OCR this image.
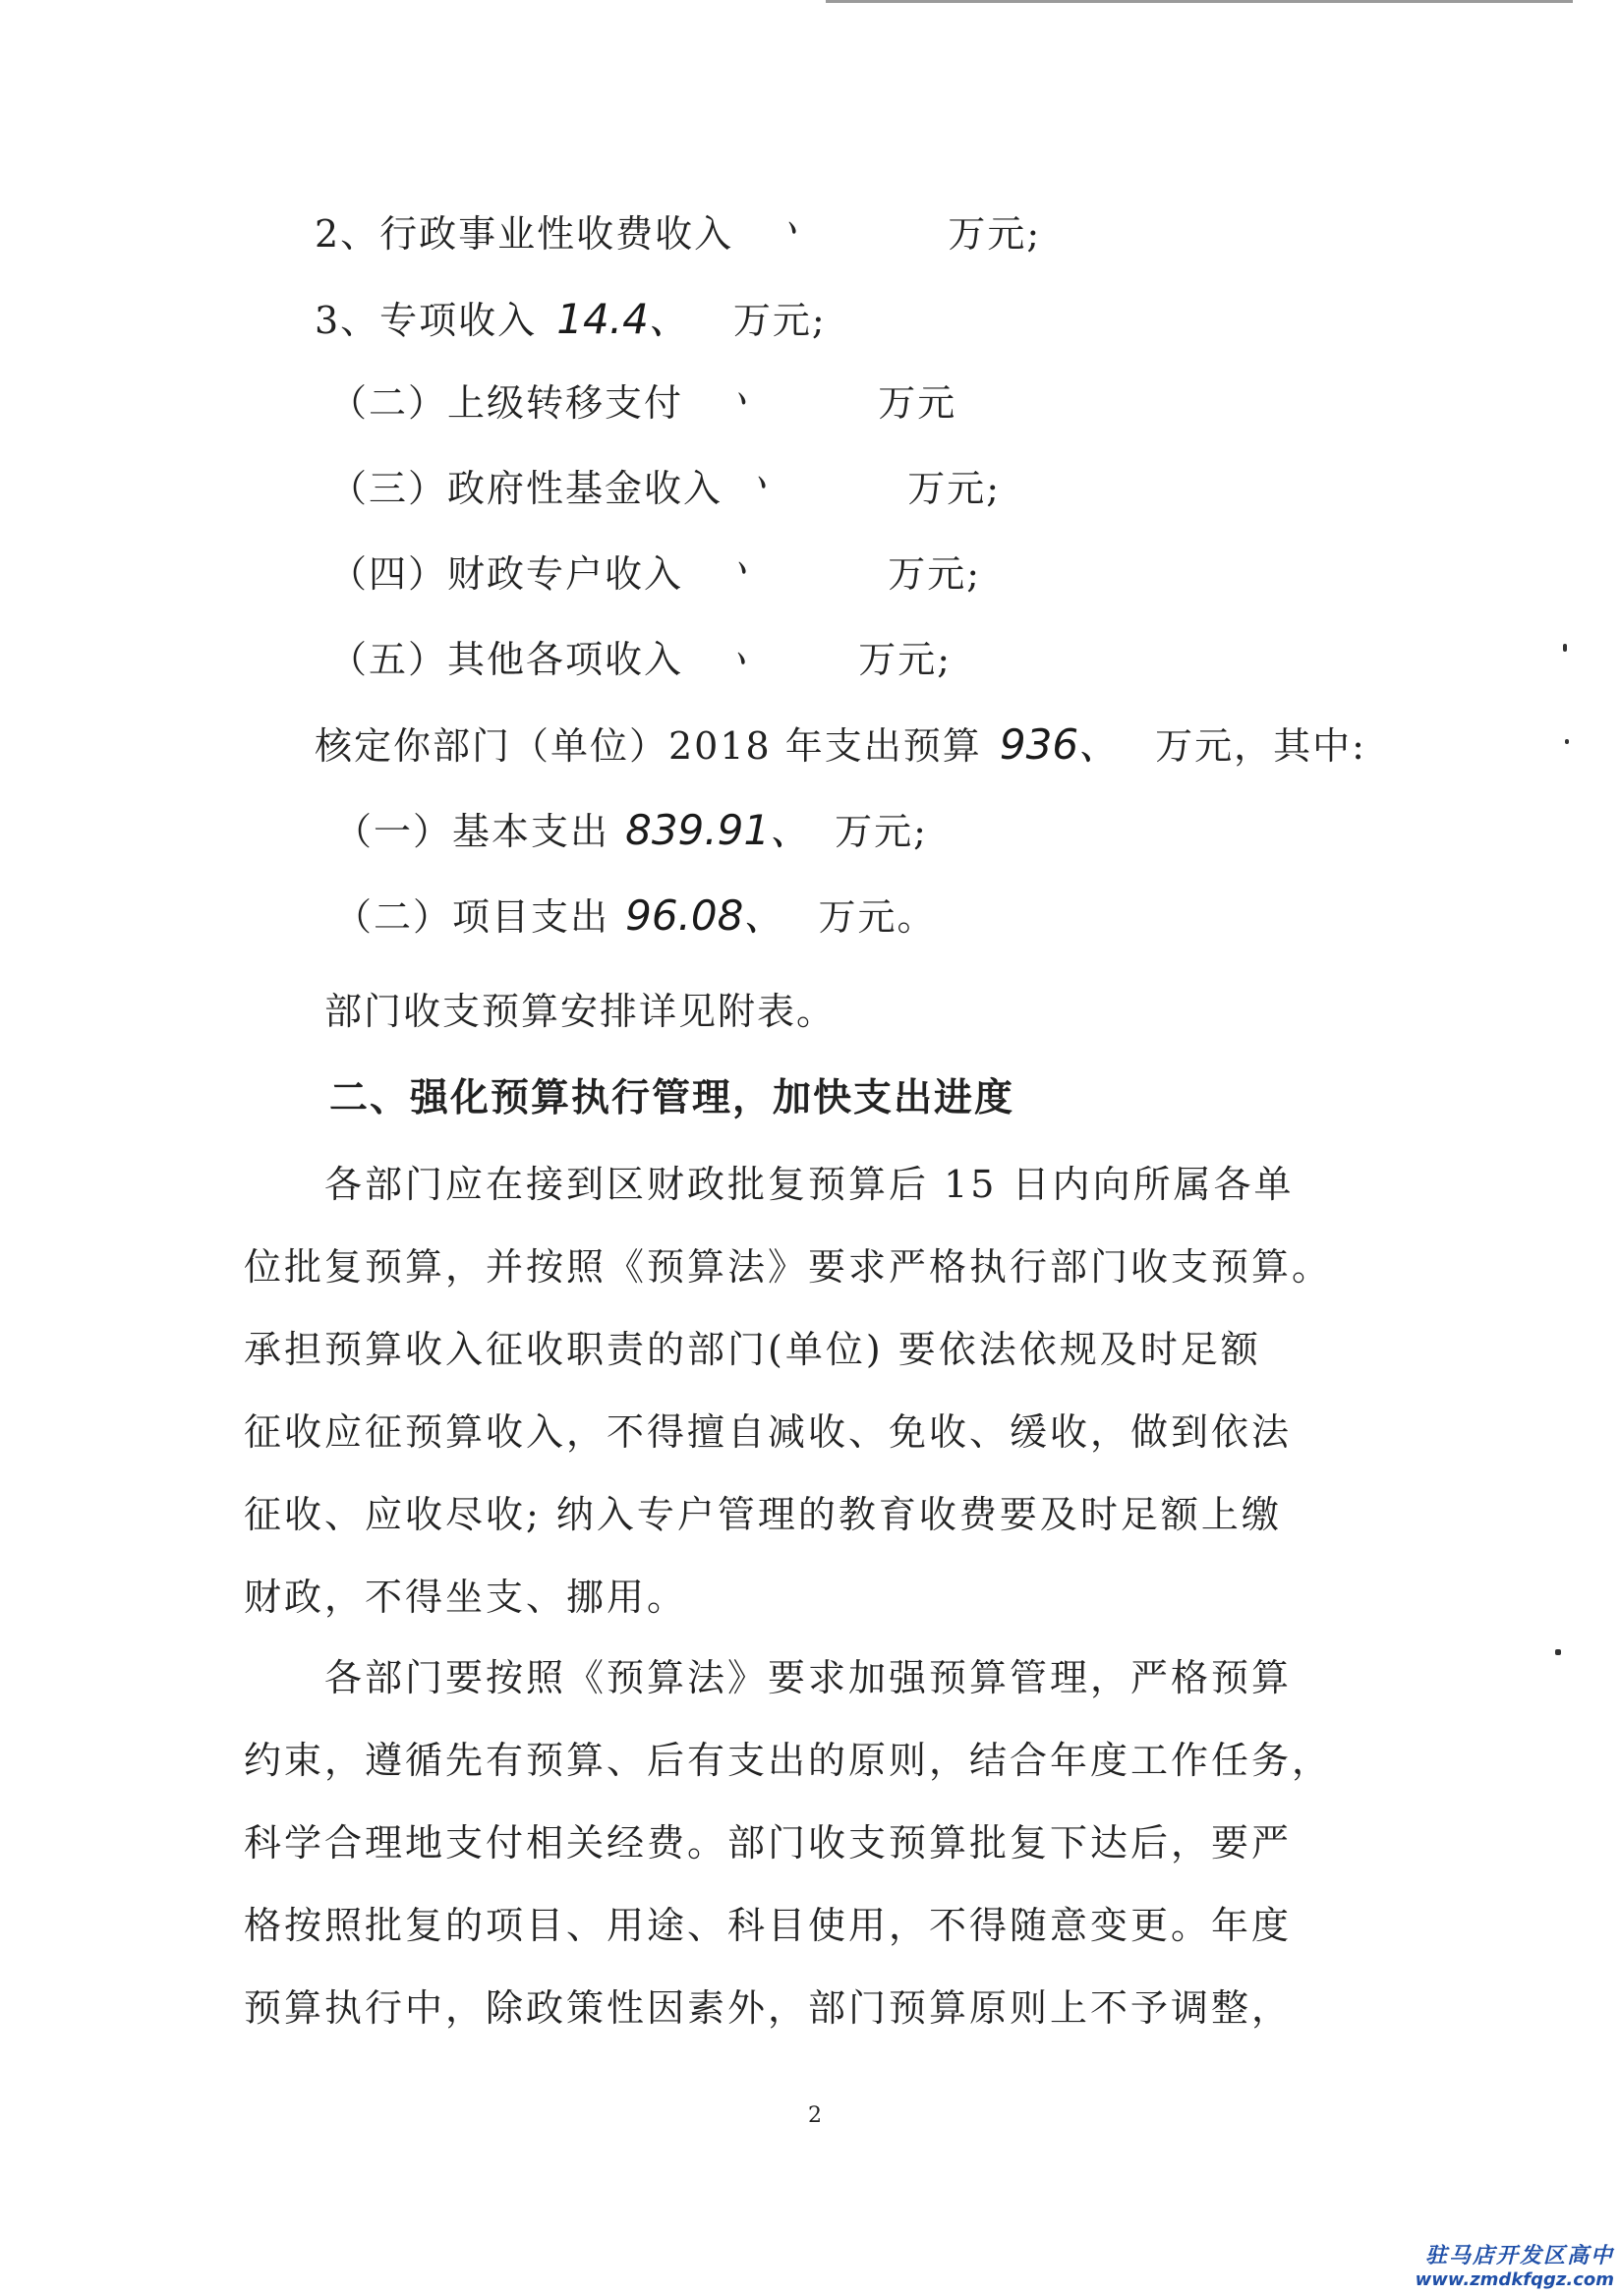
2、行政事业性收费收入 、	万元;
3、专项收入 14.4、 万元;
（二）上级转移支付 、 万元
（三）政府性基金收入 、	万元;
（四）财政专户收入 、	万元;
（五）其他各项收入 、 万元;
核定你部门（单位）2018 年支出预算 936、 万元，其中:
（一）基本支出 839.91、 万元;
（二）项目支出 96.08、 万元。
部门收支预算安排详见附表。
二、强化预算执行管理，加快支出进度
各部门应在接到区财政批复预算后 15 日内向所属各单
位批复预算，并按照《预算法》要求严格执行部门收支预算。
承担预算收入征收职责的部门(单位) 要依法依规及时足额
征收应征预算收入，不得擅自减收、免收、缓收，做到依法
征收、应收尽收; 纳入专户管理的教育收费要及时足额上缴
财政，不得坐支、挪用。
各部门要按照《预算法》要求加强预算管理，严格预算
约束，遵循先有预算、后有支出的原则，结合年度工作任务，
科学合理地支付相关经费。部门收支预算批复下达后，要严
格按照批复的项目、用途、科目使用，不得随意变更。年度
预算执行中，除政策性因素外，部门预算原则上不予调整，
2
驻马店开发区高中
www.zmdkfqgz.com
